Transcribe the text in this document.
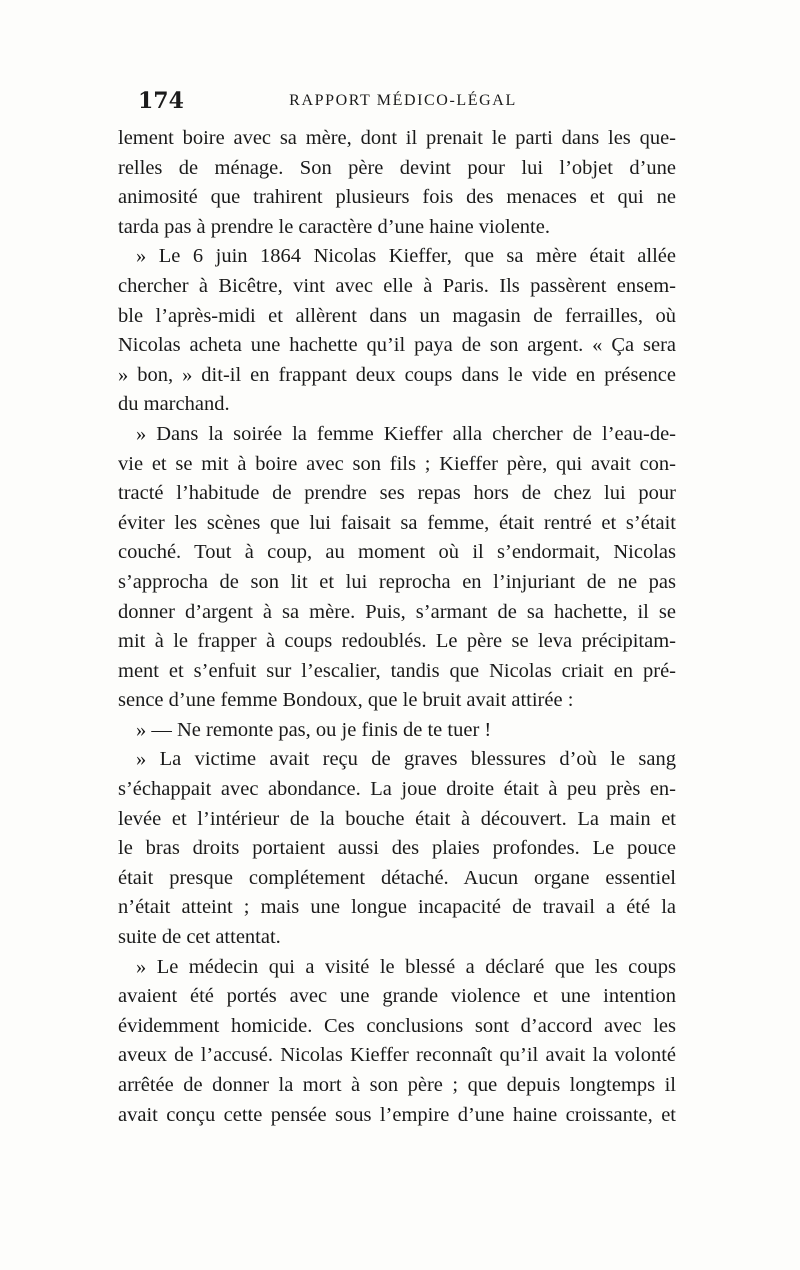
174	RAPPORT MÉDICO-LÉGAL
lement boire avec sa mère, dont il prenait le parti dans les que-
relles de ménage. Son père devint pour lui l’objet d’une
animosité que trahirent plusieurs fois des menaces et qui ne
tarda pas à prendre le caractère d’une haine violente.
» Le 6 juin 1864 Nicolas Kieffer, que sa mère était allée
chercher à Bicêtre, vint avec elle à Paris. Ils passèrent ensem-
ble l’après-midi et allèrent dans un magasin de ferrailles, où
Nicolas acheta une hachette qu’il paya de son argent. « Ça sera
» bon, » dit-il en frappant deux coups dans le vide en présence
du marchand.
» Dans la soirée la femme Kieffer alla chercher de l’eau-de-
vie et se mit à boire avec son fils ; Kieffer père, qui avait con-
tracté l’habitude de prendre ses repas hors de chez lui pour
éviter les scènes que lui faisait sa femme, était rentré et s’était
couché. Tout à coup, au moment où il s’endormait, Nicolas
s’approcha de son lit et lui reprocha en l’injuriant de ne pas
donner d’argent à sa mère. Puis, s’armant de sa hachette, il se
mit à le frapper à coups redoublés. Le père se leva précipitam-
ment et s’enfuit sur l’escalier, tandis que Nicolas criait en pré-
sence d’une femme Bondoux, que le bruit avait attirée :
» — Ne remonte pas, ou je finis de te tuer !
» La victime avait reçu de graves blessures d’où le sang
s’échappait avec abondance. La joue droite était à peu près en-
levée et l’intérieur de la bouche était à découvert. La main et
le bras droits portaient aussi des plaies profondes. Le pouce
était presque complétement détaché. Aucun organe essentiel
n’était atteint ; mais une longue incapacité de travail a été la
suite de cet attentat.
» Le médecin qui a visité le blessé a déclaré que les coups
avaient été portés avec une grande violence et une intention
évidemment homicide. Ces conclusions sont d’accord avec les
aveux de l’accusé. Nicolas Kieffer reconnaît qu’il avait la volonté
arrêtée de donner la mort à son père ; que depuis longtemps il
avait conçu cette pensée sous l’empire d’une haine croissante, et
